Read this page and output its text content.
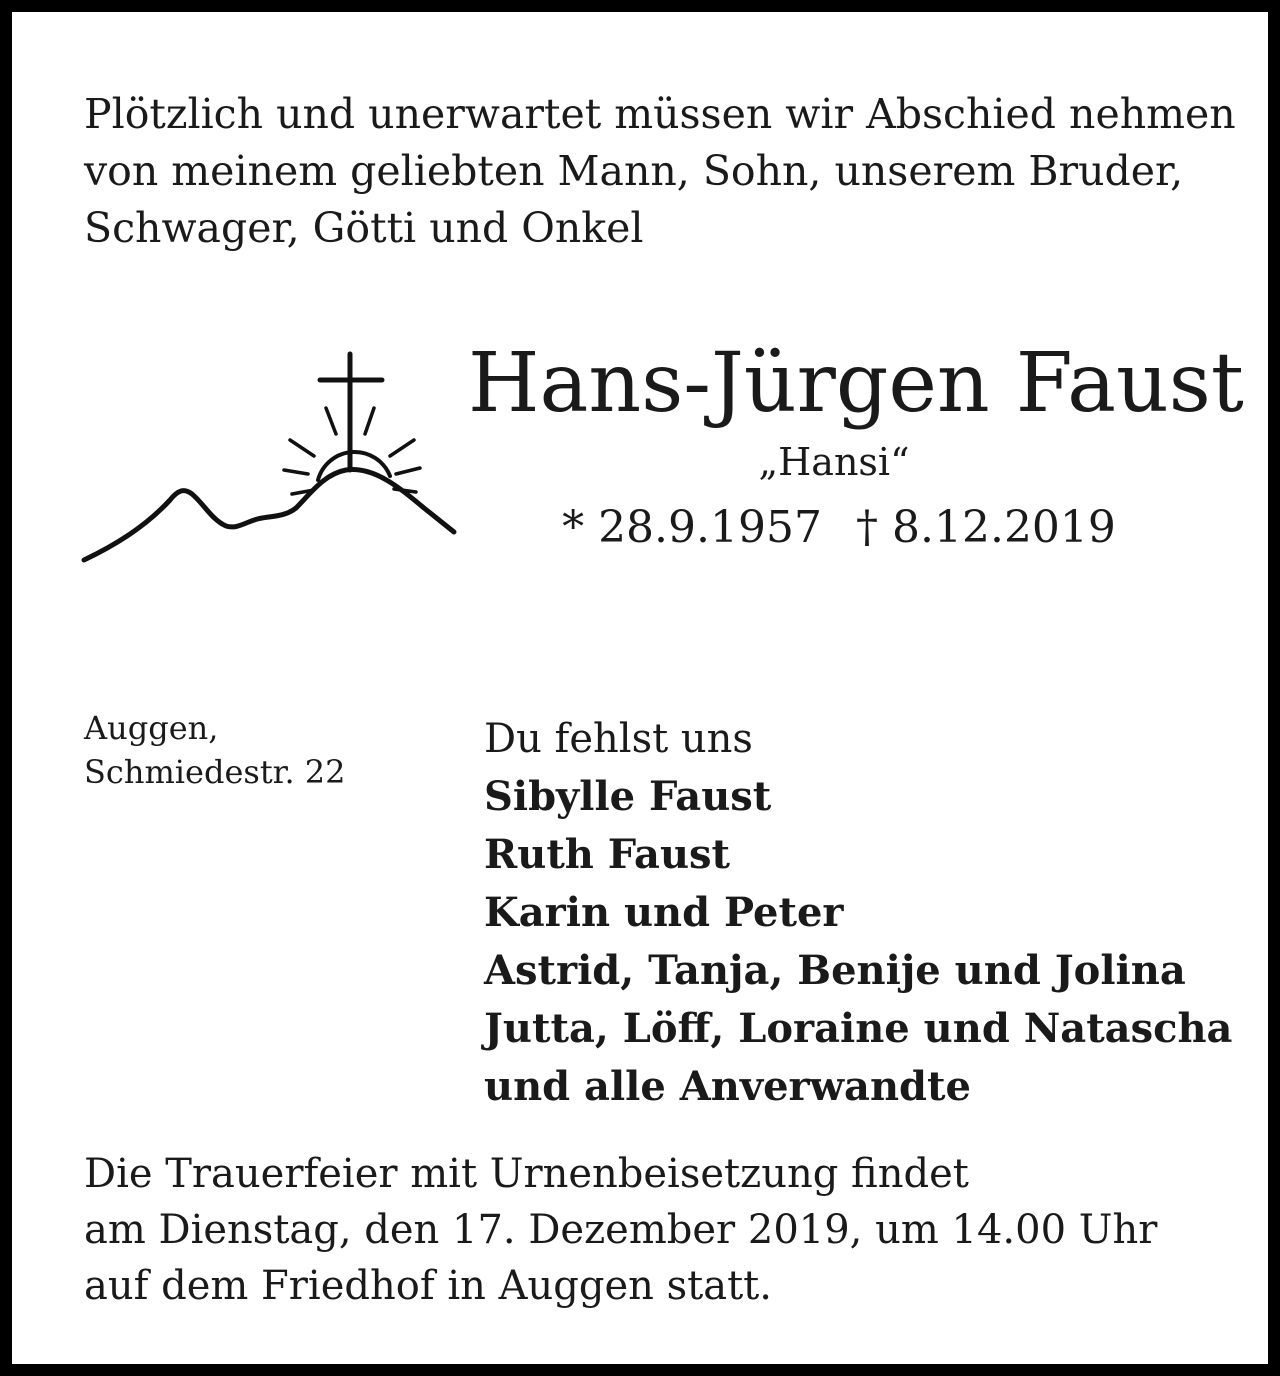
Plötzlich und unerwartet müssen wir Abschied nehmen
von meinem geliebten Mann, Sohn, unserem Bruder,
Schwager, Götti und Onkel
Hans-Jürgen Faust
„Hansi“
* 28.9.1957 † 8.12.2019
Auggen,
Schmiedestr. 22
Du fehlst uns
Sibylle Faust
Ruth Faust
Karin und Peter
Astrid, Tanja, Benije und Jolina
Jutta, Löff, Loraine und Natascha
und alle Anverwandte
Die Trauerfeier mit Urnenbeisetzung findet
am Dienstag, den 17. Dezember 2019, um 14.00 Uhr
auf dem Friedhof in Auggen statt.
